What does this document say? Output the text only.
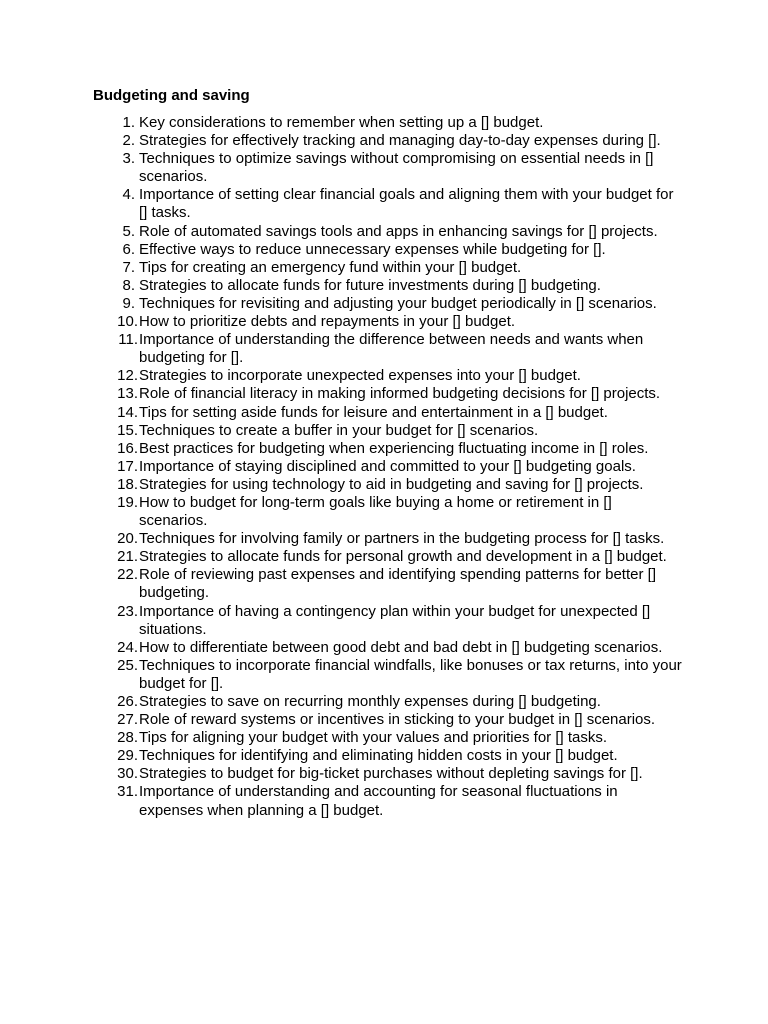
Budgeting and saving
1. Key considerations to remember when setting up a [] budget.
2. Strategies for effectively tracking and managing day-to-day expenses during [].
3. Techniques to optimize savings without compromising on essential needs in [] scenarios.
4. Importance of setting clear financial goals and aligning them with your budget for [] tasks.
5. Role of automated savings tools and apps in enhancing savings for [] projects.
6. Effective ways to reduce unnecessary expenses while budgeting for [].
7. Tips for creating an emergency fund within your [] budget.
8. Strategies to allocate funds for future investments during [] budgeting.
9. Techniques for revisiting and adjusting your budget periodically in [] scenarios.
10. How to prioritize debts and repayments in your [] budget.
11. Importance of understanding the difference between needs and wants when budgeting for [].
12. Strategies to incorporate unexpected expenses into your [] budget.
13. Role of financial literacy in making informed budgeting decisions for [] projects.
14. Tips for setting aside funds for leisure and entertainment in a [] budget.
15. Techniques to create a buffer in your budget for [] scenarios.
16. Best practices for budgeting when experiencing fluctuating income in [] roles.
17. Importance of staying disciplined and committed to your [] budgeting goals.
18. Strategies for using technology to aid in budgeting and saving for [] projects.
19. How to budget for long-term goals like buying a home or retirement in [] scenarios.
20. Techniques for involving family or partners in the budgeting process for [] tasks.
21. Strategies to allocate funds for personal growth and development in a [] budget.
22. Role of reviewing past expenses and identifying spending patterns for better [] budgeting.
23. Importance of having a contingency plan within your budget for unexpected [] situations.
24. How to differentiate between good debt and bad debt in [] budgeting scenarios.
25. Techniques to incorporate financial windfalls, like bonuses or tax returns, into your budget for [].
26. Strategies to save on recurring monthly expenses during [] budgeting.
27. Role of reward systems or incentives in sticking to your budget in [] scenarios.
28. Tips for aligning your budget with your values and priorities for [] tasks.
29. Techniques for identifying and eliminating hidden costs in your [] budget.
30. Strategies to budget for big-ticket purchases without depleting savings for [].
31. Importance of understanding and accounting for seasonal fluctuations in expenses when planning a [] budget.
